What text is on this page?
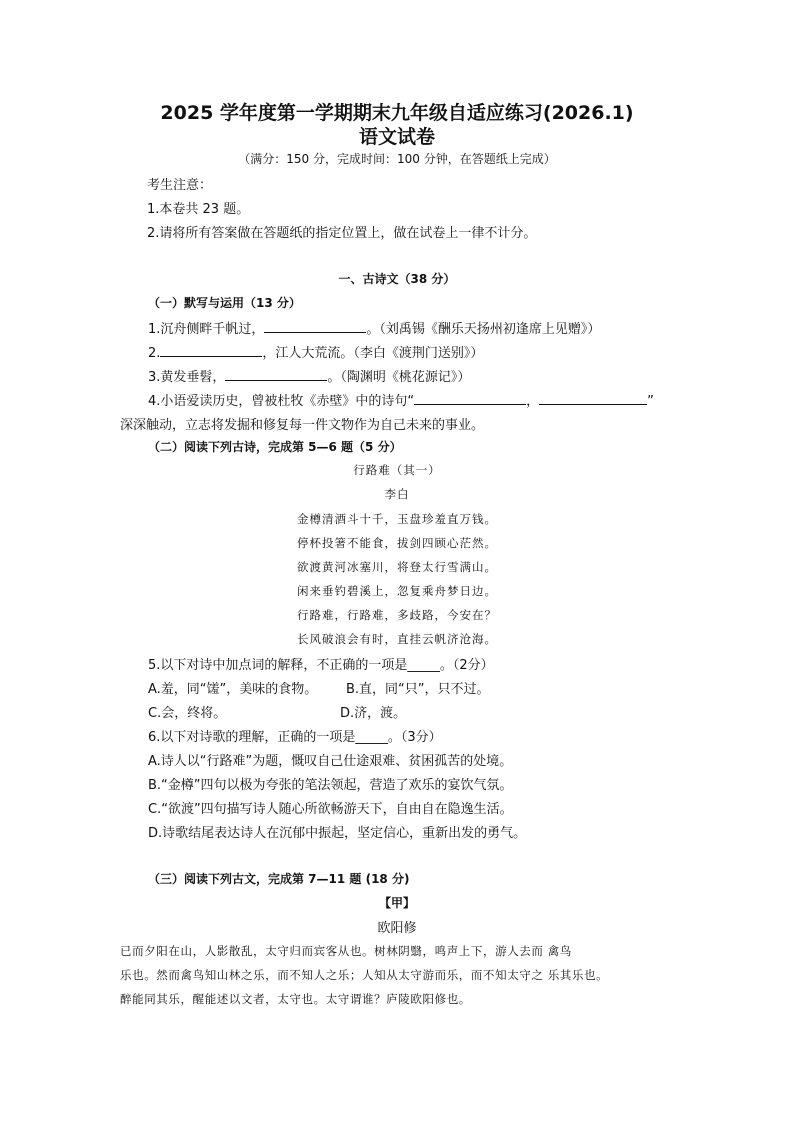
2025 学年度第一学期期末九年级自适应练习(2026.1)
语文试卷
（满分：150 分，完成时间：100 分钟，在答题纸上完成）
考生注意：
1.本卷共 23 题。
2.请将所有答案做在答题纸的指定位置上，做在试卷上一律不计分。
一、古诗文（38 分）
（一）默写与运用（13 分）
1.沉舟侧畔千帆过，	。（刘禹锡《酬乐天扬州初逢席上见赠》）
2.	，江人大荒流。（李白《渡荆门送别》）
3.黄发垂髫，	。（陶渊明《桃花源记》）
4.小语爱读历史，曾被杜牧《赤壁》中的诗句“	，	”
深深触动，立志将发掘和修复每一件文物作为自己未来的事业。
（二）阅读下列古诗，完成第 5—6 题（5 分）
行路难（其一）
李白
金樽清酒斗十千，玉盘珍羞直万钱。
停杯投箸不能食，拔剑四顾心茫然。
欲渡黄河冰塞川，将登太行雪满山。
闲来垂钓碧溪上，忽复乘舟梦日边。
行路难，行路难，多歧路，今安在？
长风破浪会有时，直挂云帆济沧海。
5.以下对诗中加点词的解释，不正确的一项是_____。（2分）
A.羞，同“馐”，美味的食物。 B.直，同“只”，只不过。
C.会，终将。	D.济，渡。
6.以下对诗歌的理解，正确的一项是_____。（3分）
A.诗人以“行路难”为题，慨叹自己仕途艰难、贫困孤苦的处境。
B.“金樽”四句以极为夸张的笔法领起，营造了欢乐的宴饮气氛。
C.“欲渡”四句描写诗人随心所欲畅游天下，自由自在隐逸生活。
D.诗歌结尾表达诗人在沉郁中振起，坚定信心，重新出发的勇气。
（三）阅读下列古文，完成第 7—11 题 (18 分)
【甲】
欧阳修
已而夕阳在山，人影散乱，太守归而宾客从也。树林阴翳，鸣声上下，游人去而 禽鸟
乐也。然而禽鸟知山林之乐，而不知人之乐；人知从太守游而乐，而不知太守之 乐其乐也。
醉能同其乐，醒能述以文者，太守也。太守谓谁？庐陵欧阳修也。
